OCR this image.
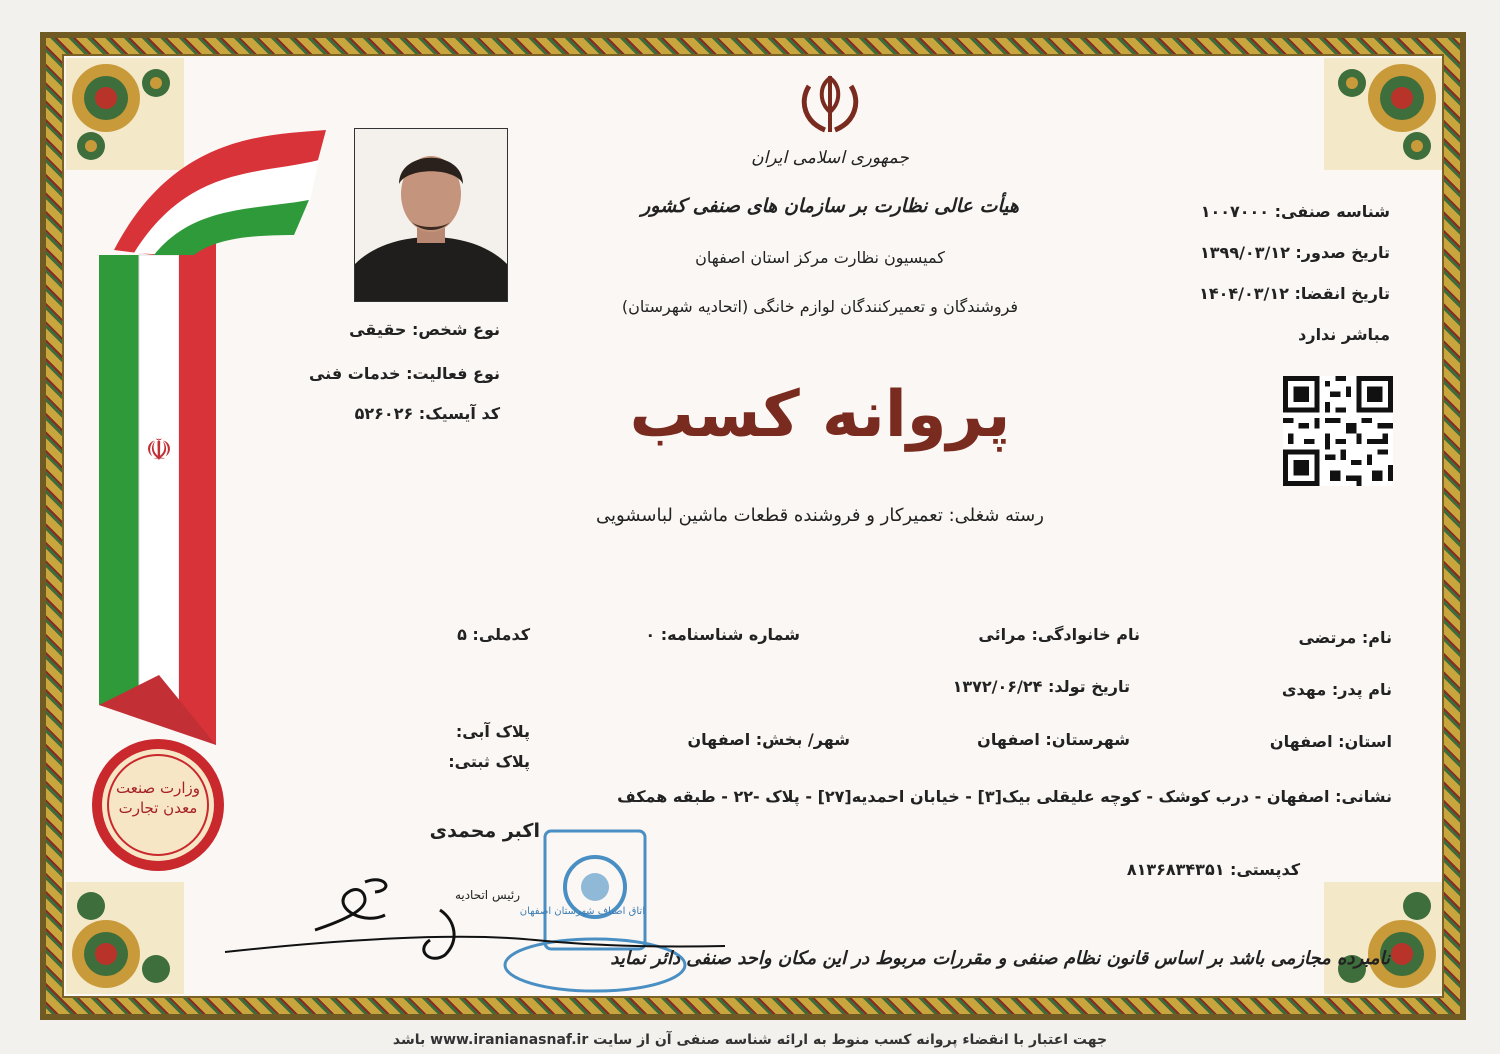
☫
وزارت صنعت معدن تجارت
جمهوری اسلامی ایران
هیأت عالی نظارت بر سازمان های صنفی کشور
کمیسیون نظارت مرکز استان اصفهان
فروشندگان و تعمیرکنندگان لوازم خانگی (اتحادیه شهرستان)
پروانه کسب
رسته شغلی: تعمیرکار و فروشنده قطعات ماشین لباسشویی
نوع شخص: حقیقی
نوع فعالیت: خدمات فنی
کد آیسیک: ۵۲۶۰۲۶
شناسه صنفی: ۱۰۰۷۰۰۰
تاریخ صدور: ۱۳۹۹/۰۳/۱۲
تاریخ انقضا: ۱۴۰۴/۰۳/۱۲
مباشر ندارد
نام: مرتضی
نام خانوادگی: مرائی
شماره شناسنامه: ۰
کدملی: ۵
نام پدر: مهدی
تاریخ تولد: ۱۳۷۲/۰۶/۲۴
استان: اصفهان
شهرستان: اصفهان
شهر/ بخش: اصفهان
پلاک آبی:
پلاک ثبتی:
نشانی: اصفهان - درب کوشک - کوچه علیقلی بیک[۳] - خیابان احمدیه[۲۷] - پلاک -۲۲ - طبقه همکف
کدپستی: ۸۱۳۶۸۳۴۳۵۱
اکبر محمدی
رئیس اتحادیه
اتاق اصناف شهرستان اصفهان
نامبرده مجازمی باشد بر اساس قانون نظام صنفی و مقررات مربوط در این مکان واحد صنفی دائر نماید
جهت اعتبار با انقضاء پروانه کسب منوط به ارائه شناسه صنفی آن از سایت www.iranianasnaf.ir باشد
